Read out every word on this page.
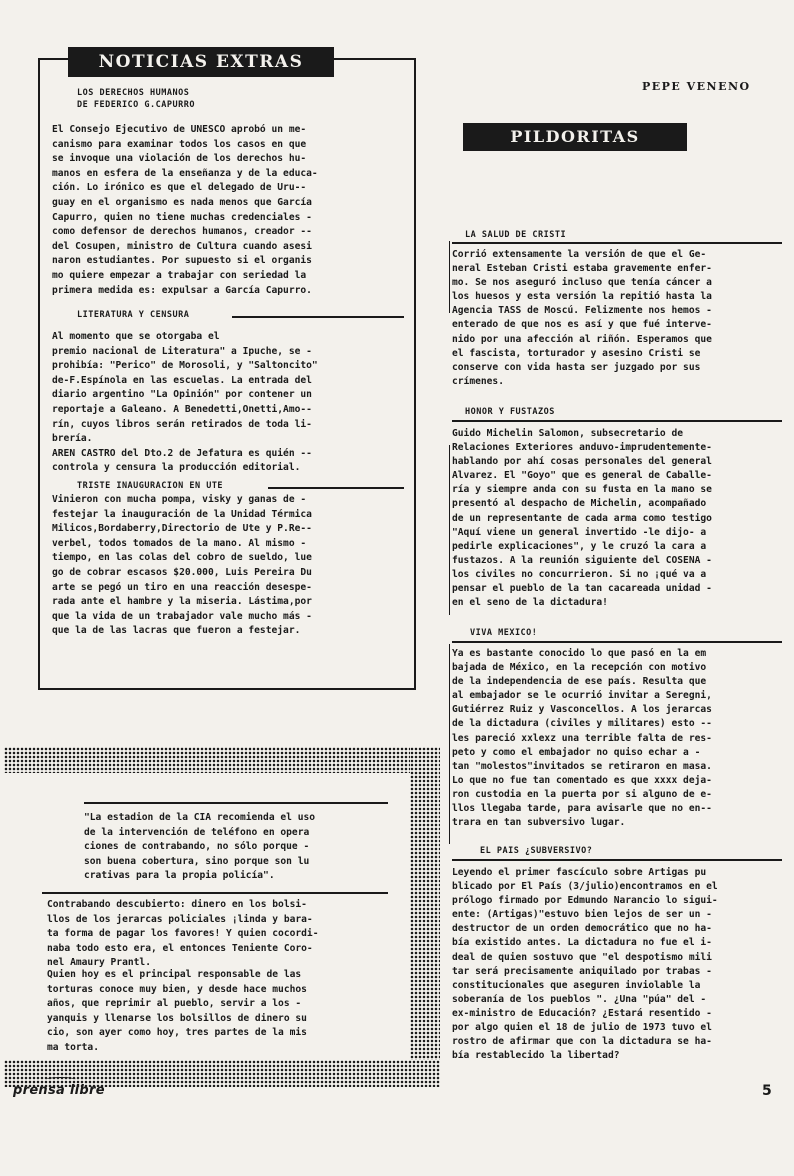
NOTICIAS EXTRAS
LOS DERECHOS HUMANOS
DE FEDERICO G.CAPURRO

El Consejo Ejecutivo de UNESCO aprobó un me-
canismo para examinar todos los casos en que
se invoque una violación de los derechos hu-
manos en esfera de la enseñanza y de la educa-
ción. Lo irónico es que el delegado de Uru--
guay en el organismo es nada menos que García
Capurro, quien no tiene muchas credenciales -
como defensor de derechos humanos, creador --
del Cosupen, ministro de Cultura cuando asesi
naron estudiantes. Por supuesto si el organis
mo quiere empezar a trabajar con seriedad la
primera medida es: expulsar a García Capurro.

LITERATURA Y CENSURA

Al momento que se otorgaba el
premio nacional de Literatura" a Ipuche, se -
prohibía: "Perico" de Morosoli, y "Saltoncito"
de-F.Espínola en las escuelas. La entrada del
diario argentino "La Opinión" por contener un
reportaje a Galeano. A Benedetti,Onetti,Amo--
rín, cuyos libros serán retirados de toda li-
brería.
AREN CASTRO del Dto.2 de Jefatura es quién --
controla y censura la producción editorial.

TRISTE INAUGURACION EN UTE

Vinieron con mucha pompa, visky y ganas de -
festejar la inauguración de la Unidad Térmica
Milicos,Bordaberry,Directorio de Ute y P.Re--
verbel, todos tomados de la mano. Al mismo -
tiempo, en las colas del cobro de sueldo, lue
go de cobrar escasos $20.000, Luis Pereira Du
arte se pegó un tiro en una reacción desespe-
rada ante el hambre y la miseria. Lástima,por
que la vida de un trabajador vale mucho más -
que la de las lacras que fueron a festejar.

"La estadion de la CIA recomienda el uso
de la intervención de teléfono en opera
ciones de contrabando, no sólo porque -
son buena cobertura, sino porque son lu
crativas para la propia policía".

Contrabando descubierto: dinero en los bolsi-
llos de los jerarcas policiales ¡linda y bara-
ta forma de pagar los favores! Y quien cocordi-
naba todo esto era, el entonces Teniente Coro-
nel Amaury Prantl.

Quien hoy es el principal responsable de las
torturas conoce muy bien, y desde hace muchos
años, que reprimir al pueblo, servir a los -
yanquis y llenarse los bolsillos de dinero su
cio, son ayer como hoy, tres partes de la mis
ma torta.

PEPE VENENO
PILDORITAS
LA SALUD DE CRISTI

Corrió extensamente la versión de que el Ge-
neral Esteban Cristi estaba gravemente enfer-
mo. Se nos aseguró incluso que tenía cáncer a
los huesos y esta versión la repitió hasta la
Agencia TASS de Moscú. Felizmente nos hemos -
enterado de que nos es así y que fué interve-
nido por una afección al riñón. Esperamos que
el fascista, torturador y asesino Cristi se
conserve con vida hasta ser juzgado por sus
crímenes.

HONOR Y FUSTAZOS

Guido Michelin Salomon, subsecretario de
Relaciones Exteriores anduvo-imprudentemente-
hablando por ahí cosas personales del general
Alvarez. El "Goyo" que es general de Caballe-
ría y siempre anda con su fusta en la mano se
presentó al despacho de Michelin, acompañado
de un representante de cada arma como testigo
"Aquí viene un general invertido -le dijo- a
pedirle explicaciones", y le cruzó la cara a
fustazos. A la reunión siguiente del COSENA -
los civiles no concurrieron. Si no ¡qué va a
pensar el pueblo de la tan cacareada unidad -
en el seno de la dictadura!

VIVA MEXICO!

Ya es bastante conocido lo que pasó en la em
bajada de México, en la recepción con motivo
de la independencia de ese país. Resulta que
al embajador se le ocurrió invitar a Seregni,
Gutiérrez Ruiz y Vasconcellos. A los jerarcas
de la dictadura (civiles y militares) esto --
les pareció xxlexz una terrible falta de res-
peto y como el embajador no quiso echar a -
tan "molestos"invitados se retiraron en masa.
Lo que no fue tan comentado es que xxxx deja-
ron custodia en la puerta por si alguno de e-
llos llegaba tarde, para avisarle que no en--
trara en tan subversivo lugar.

EL PAIS ¿SUBVERSIVO?

Leyendo el primer fascículo sobre Artigas pu
blicado por El País (3/julio)encontramos en el
prólogo firmado por Edmundo Narancio lo sigui-
ente: (Artigas)"estuvo bien lejos de ser un -
destructor de un orden democrático que no ha-
bía existido antes. La dictadura no fue el i-
deal de quien sostuvo que "el despotismo mili
tar será precisamente aniquilado por trabas -
constitucionales que aseguren inviolable la
soberanía de los pueblos ". ¿Una "púa" del -
ex-ministro de Educación? ¿Estará resentido -
por algo quien el 18 de julio de 1973 tuvo el
rostro de afirmar que con la dictadura se ha-
bía restablecido la libertad?

prensa libre	5
